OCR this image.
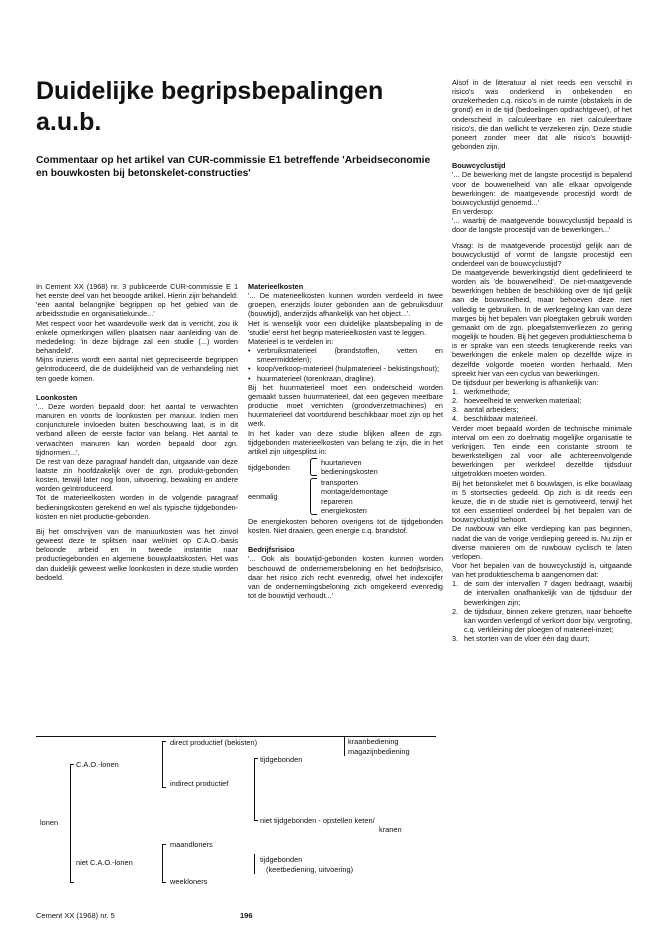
Duidelijke begripsbepalingen a.u.b.
Commentaar op het artikel van CUR-commissie E1 betreffende 'Arbeidseconomie en bouwkosten bij betonskelet-constructies'

In Cement XX (1968) nr. 3 publiceerde CUR-commissie E 1 het eerste deel van het beoogde artikel. Hierin zijn behandeld: 'een aantal belangrijke begrippen op het gebied van de arbeidsstudie en organisatiekunde...'

Met respect voor het waardevolle werk dat is verricht, zou ik enkele opmerkingen willen plaatsen naar aanleiding van de mededeling: 'in deze bijdrage zal een studie (...) worden behandeld'.

Mijns inziens wordt een aantal niet gepreciseerde begrippen geïntroduceerd, die de duidelijkheid van de verhandeling niet ten goede komen.

Loonkosten

'... Deze worden bepaald door: het aantal te verwachten manuren en voorts de loonkosten per manuur. Indien men conjuncturele invloeden buiten beschouwing laat, is in dit verband alleen de eerste factor van belang. Het aantal te verwachten manuren kan worden bepaald door zgn. tijdnormen...'.

De rest van deze paragraaf handelt dan, uitgaande van deze laatste zin hoofdzakelijk over de zgn. produkt-gebonden kosten, terwijl later nog loon, uitvoering, bewaking en andere worden geïntroduceerd.

Tot de materieelkosten worden in de volgende paragraaf bedieningskosten gerekend en wel als typische tijdgebonden-kosten en niet productie-gebonden.

Bij het omschrijven van de manuurkosten was het zinvol geweest deze te splitsen naar wel/niet op C.A.O.-basis beloonde arbeid en in tweede instantie naar productiegebonden en algemene bouwplaatskosten. Het was dan duidelijk geweest welke loonkosten in deze studie worden bedoeld.

Materieelkosten

'... De materieelkosten kunnen worden verdeeld in twee groepen, enerzijds louter gebonden aan de gebruiksduur (bouwtijd), anderzijds afhankelijk van het object...'.

Het is wenselijk voor een duidelijke plaatsbepaling in de 'studie' eerst het begrip materieelkosten vast te leggen.

Materieel is te verdelen in:

• verbruiksmaterieel (brandstoffen, vetten en smeermiddelen);
• koop/verkoop-materieel (hulpmaterieel - bekistingshout);
• huurmaterieel (torenkraan, dragline).

Bij het huurmaterieel moet een onderscheid worden gemaakt tussen huurmaterieel, dat een gegeven meetbare productie moet verrichten (grondverzetmachines) en huurmaterieel dat voortdurend beschikbaar moet zijn op het werk.

In het kader van deze studie blijken alleen de zgn. tijdgebonden materieelkosten van belang te zijn, die in het artikel zijn uitgesplitst in:

tijdgebonden
huurtarieven
bedieningskosten
eenmalig
transporten
montage/demontage
repareren
energiekosten

De energiekosten behoren overigens tot de tijdgebonden kosten. Niet draaien, geen energie c.q. brandstof.

Bedrijfsrisico

'... Ook als bouwtijd-gebonden kosten kunnen worden beschouwd de ondernemersbeloning en het bedrijfsrisico, daar het risico zich recht evenredig, ofwel het indexcijfer van de ondernemingsbeloning zich omgekeerd evenredig tot de bouwtijd verhoudt...'

Alsof in de litteratuur al niet reeds een verschil in risico's was onderkend in onbekenden en onzekerheden c.q. risico's in de ruimte (obstakels in de grond) en in de tijd (bedoelingen opdrachtgever), of het onderscheid in calculeerbare en niet calculeerbare risico's, die dan wellicht te verzekeren zijn. Deze studie poneert zonder meer dat alle risico's bouwtijd-gebonden zijn.

Bouwcyclustijd

'... De bewerking met de langste procestijd is bepalend voor de bouwenelheid van alle elkaar opvolgende bewerkingen: de maatgevende procestijd wordt de bouwcyclustijd genoemd...'

En verderop:

'... waarbij de maatgevende bouwcyclustijd bepaald is door de langste procestijd van de bewerkingen...'

Vraag: Is de maatgevende procestijd gelijk aan de bouwcyclustijd of vormt de langste procestijd een onderdeel van de bouwcyclustijd?

De maatgevende bewerkingstijd dient gedefinieerd te worden als 'de bouwenelheid'. De niet-maatgevende bewerkingen hebben de beschikking over de tijd gelijk aan de bouwsnelheid, maar behoeven deze niet volledig te gebruiken. In de werkregeling kan van deze marges bij het bepalen van ploegtaken gebruik worden gemaakt om de zgn. ploegafstemverliezen zo gering mogelijk te houden. Bij het gegeven produktieschema b is er sprake van een steeds terugkerende reeks van bewerkingen die enkele malen op dezelfde wijze in dezelfde volgorde moeten worden herhaald. Men spreekt hier van een cyclus van bewerkingen.

De tijdsduur per bewerking is afhankelijk van:

1. werkmethode;
2. hoeveelheid te verwerken materiaal;
3. aantal arbeiders;
4. beschikbaar materieel.

Verder moet bepaald worden de technische minimale interval om een zo doelmatig mogelijke organisatie te verkrijgen. Ten einde een constante stroom te bewerkstelligen zal voor alle achtereenvolgende bewerkingen per werkdeel dezelfde tijdsduur uitgetrokken moeten worden.

Bij het betonskelet met 6 bouwlagen, is elke bouwlaag in 5 stortsecties gedeeld. Op zich is dit reeds een keuze, die in de studie niet is gemotiveerd, terwijl het tot een essentieel onderdeel bij het bepalen van de bouwcyclustijd behoort.

De ruwbouw van elke verdieping kan pas beginnen, nadat die van de vorige verdieping gereed is. Nu zijn er diverse manieren om de ruwbouw cyclisch te laten verlopen.

Voor het bepalen van de bouwcyclustijd is, uitgaande van het produktieschema b aangenomen dat:

1. de som der intervallen 7 dagen bedraagt, waarbij de intervallen onafhankelijk van de tijdsduur der bewerkingen zijn;
2. de tijdsduur, binnen zekere grenzen, naar behoefte kan worden verlengd of verkort door bijv. vergroting, c.q. verkleining der ploegen of materieel-inzet;
3. het storten van de vloer één dag duurt;
lonen
C.A.O.-lonen
niet C.A.O.-lonen
direct productief (bekisten)
indirect productief
tijdgebonden
niet tijdgebonden - opstellen keten/
kranen
kraanbediening
magazijnbediening
maandloners
weekloners
tijdgebonden
(keetbediening, uitvoering)
Cement XX (1968) nr. 5	196
